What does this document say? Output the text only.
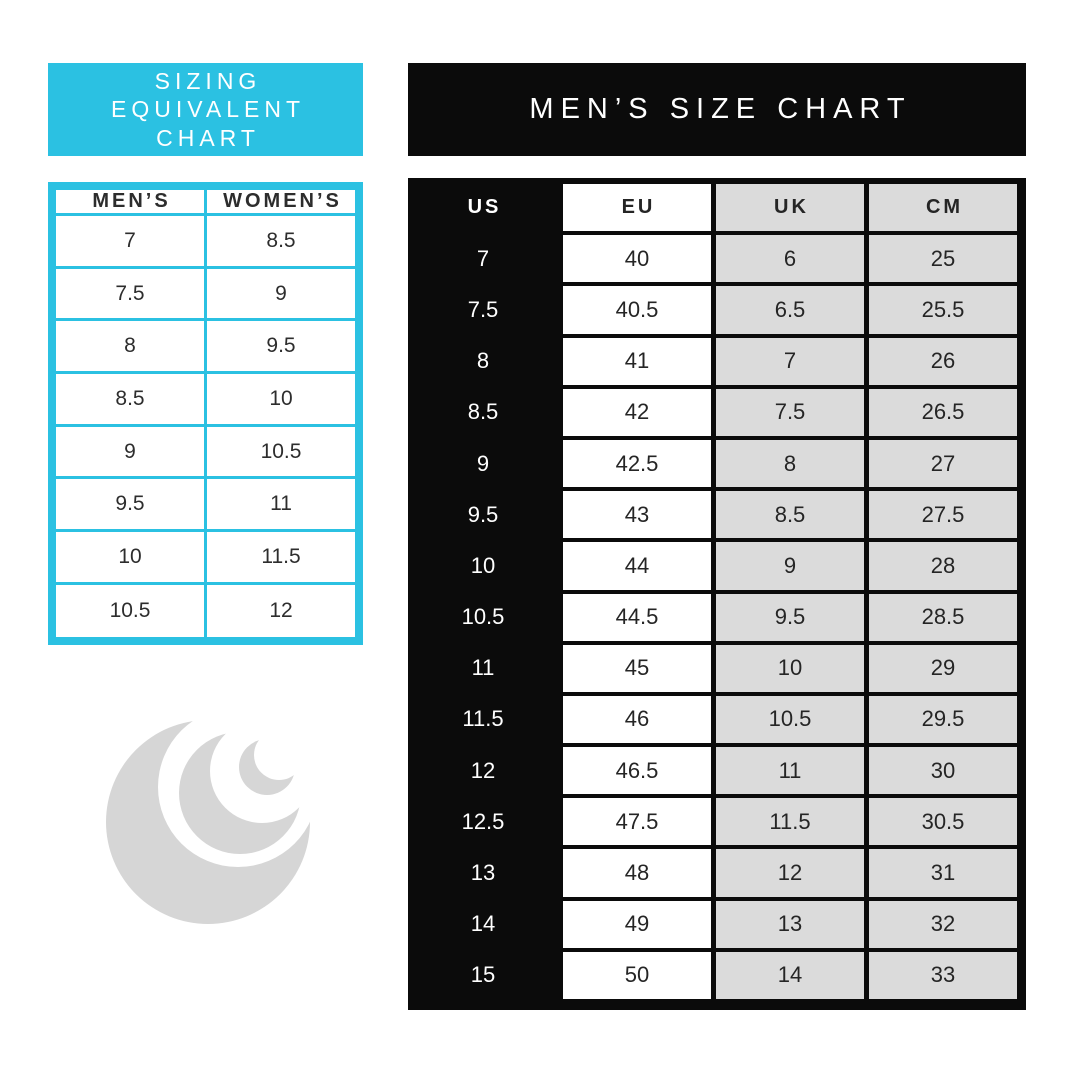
SIZING
EQUIVALENT
CHART
MEN’S	WOMEN’S
7	8.5
7.5	9
8	9.5
8.5	10
9	10.5
9.5	11
10	11.5
10.5	12
MEN’S SIZE CHART
US	EU	UK	CM
7	40	6	25
7.5	40.5	6.5	25.5
8	41	7	26
8.5	42	7.5	26.5
9	42.5	8	27
9.5	43	8.5	27.5
10	44	9	28
10.5	44.5	9.5	28.5
11	45	10	29
11.5	46	10.5	29.5
12	46.5	11	30
12.5	47.5	11.5	30.5
13	48	12	31
14	49	13	32
15	50	14	33
